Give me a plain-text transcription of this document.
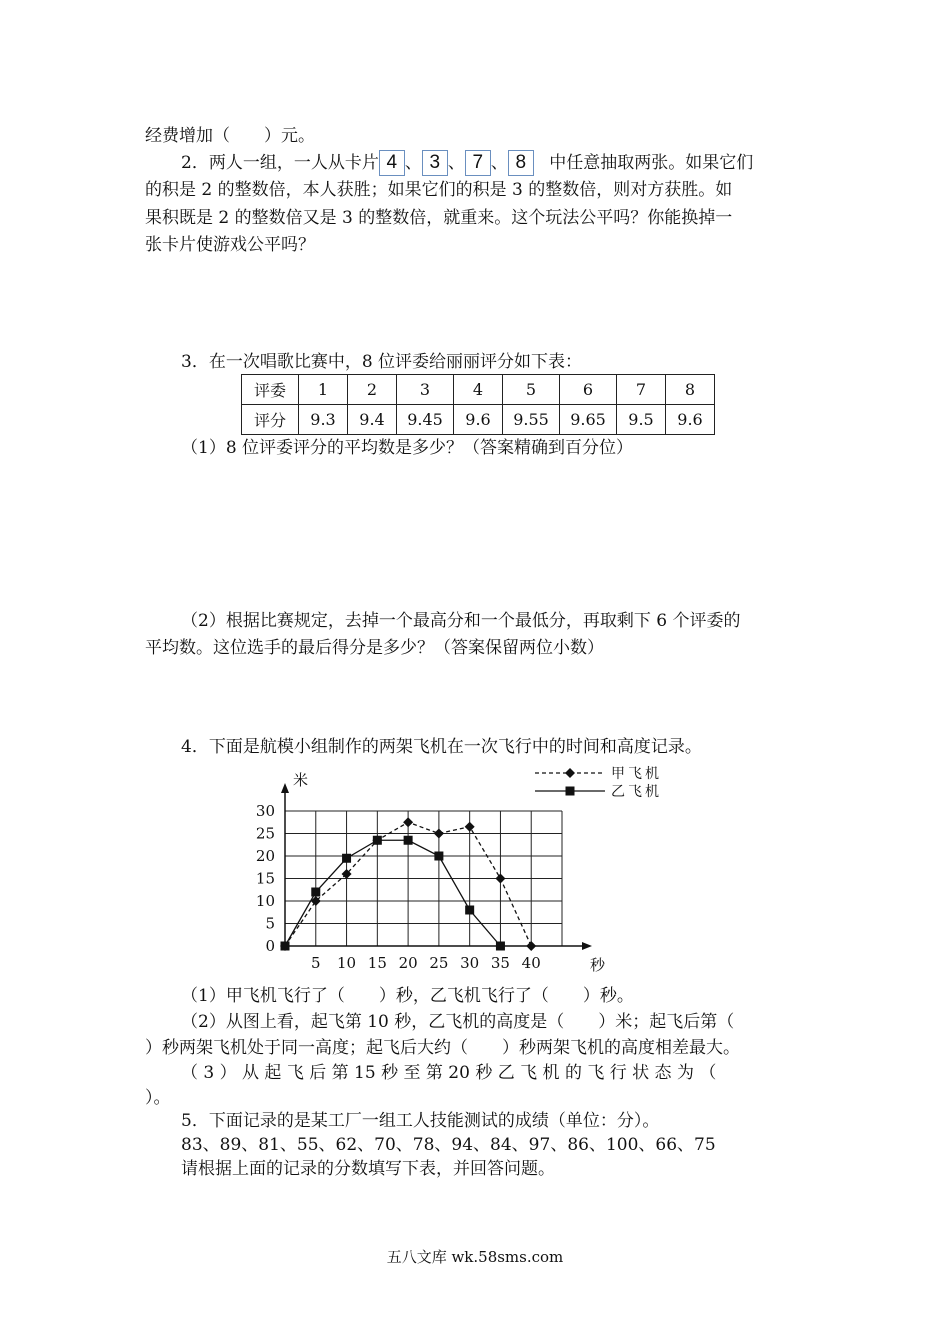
经费增加（　　）元。
2．两人一组，一人从卡片 4 、 3 、 7 、 8 中任意抽取两张。如果它们
的积是 2 的整数倍，本人获胜；如果它们的积是 3 的整数倍，则对方获胜。如
果积既是 2 的整数倍又是 3 的整数倍，就重来。这个玩法公平吗？你能换掉一
张卡片使游戏公平吗？
3．在一次唱歌比赛中，8 位评委给丽丽评分如下表：
评委	1	2	3	4	5	6	7	8
评分	9.3	9.4	9.45	9.6	9.55	9.65	9.5	9.6
（1）8 位评委评分的平均数是多少？（答案精确到百分位）
（2）根据比赛规定，去掉一个最高分和一个最低分，再取剩下 6 个评委的
平均数。这位选手的最后得分是多少？（答案保留两位小数）
4．下面是航模小组制作的两架飞机在一次飞行中的时间和高度记录。
0
5
10
15
20
25
30
5 10 15 20 25 30 35 40
米
秒
甲飞机
乙飞机
（1）甲飞机飞行了（　　）秒，乙飞机飞行了（　　）秒。
（2）从图上看，起飞第 10 秒，乙飞机的高度是（　　）米；起飞后第（
）秒两架飞机处于同一高度；起飞后大约（　　）秒两架飞机的高度相差最大。
（ 3 ） 从 起 飞 后 第 15 秒 至 第 20 秒 乙 飞 机 的 飞 行 状 态 为 （
）。
5．下面记录的是某工厂一组工人技能测试的成绩（单位：分）。
83、89、81、55、62、70、78、94、84、97、86、100、66、75
请根据上面的记录的分数填写下表，并回答问题。
五八文库 wk.58sms.com
